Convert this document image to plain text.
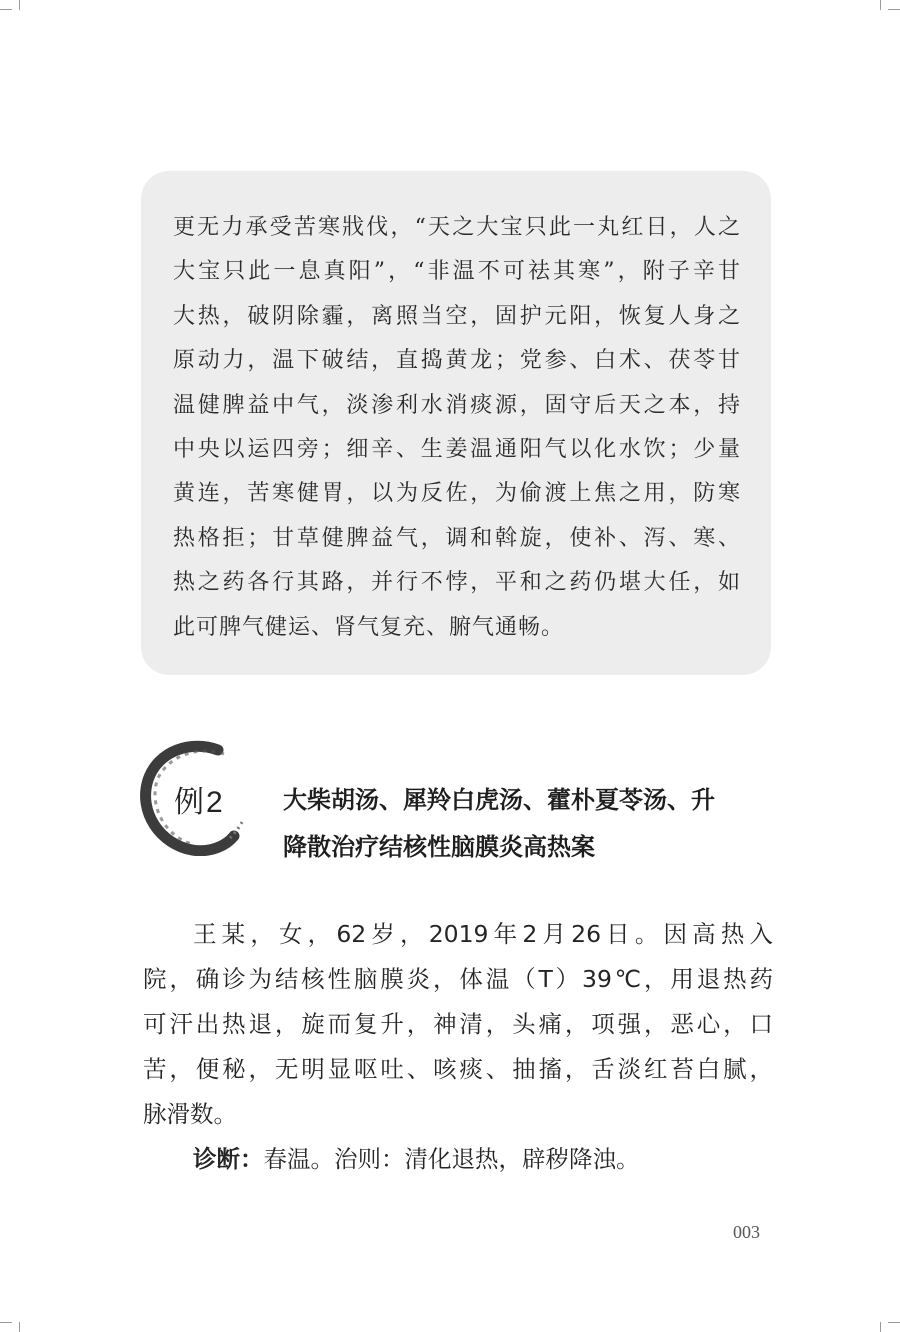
更无力承受苦寒戕伐，“天之大宝只此一丸红日，人之
大宝只此一息真阳”，“非温不可祛其寒”，附子辛甘
大热，破阴除霾，离照当空，固护元阳，恢复人身之
原动力，温下破结，直捣黄龙；党参、白术、茯苓甘
温健脾益中气，淡渗利水消痰源，固守后天之本，持
中央以运四旁；细辛、生姜温通阳气以化水饮；少量
黄连，苦寒健胃，以为反佐，为偷渡上焦之用，防寒
热格拒；甘草健脾益气，调和斡旋，使补、泻、寒、
热之药各行其路，并行不悖，平和之药仍堪大任，如
此可脾气健运、肾气复充、腑气通畅。
例2 大柴胡汤、犀羚白虎汤、藿朴夏苓汤、升
降散治疗结核性脑膜炎高热案
王某，女，62岁，2019年2月26日。因高热入
院，确诊为结核性脑膜炎，体温（T）39℃，用退热药
可汗出热退，旋而复升，神清，头痛，项强，恶心，口
苦，便秘，无明显呕吐、咳痰、抽搐，舌淡红苔白腻，
脉滑数。
诊断：春温。治则：清化退热，辟秽降浊。
003
